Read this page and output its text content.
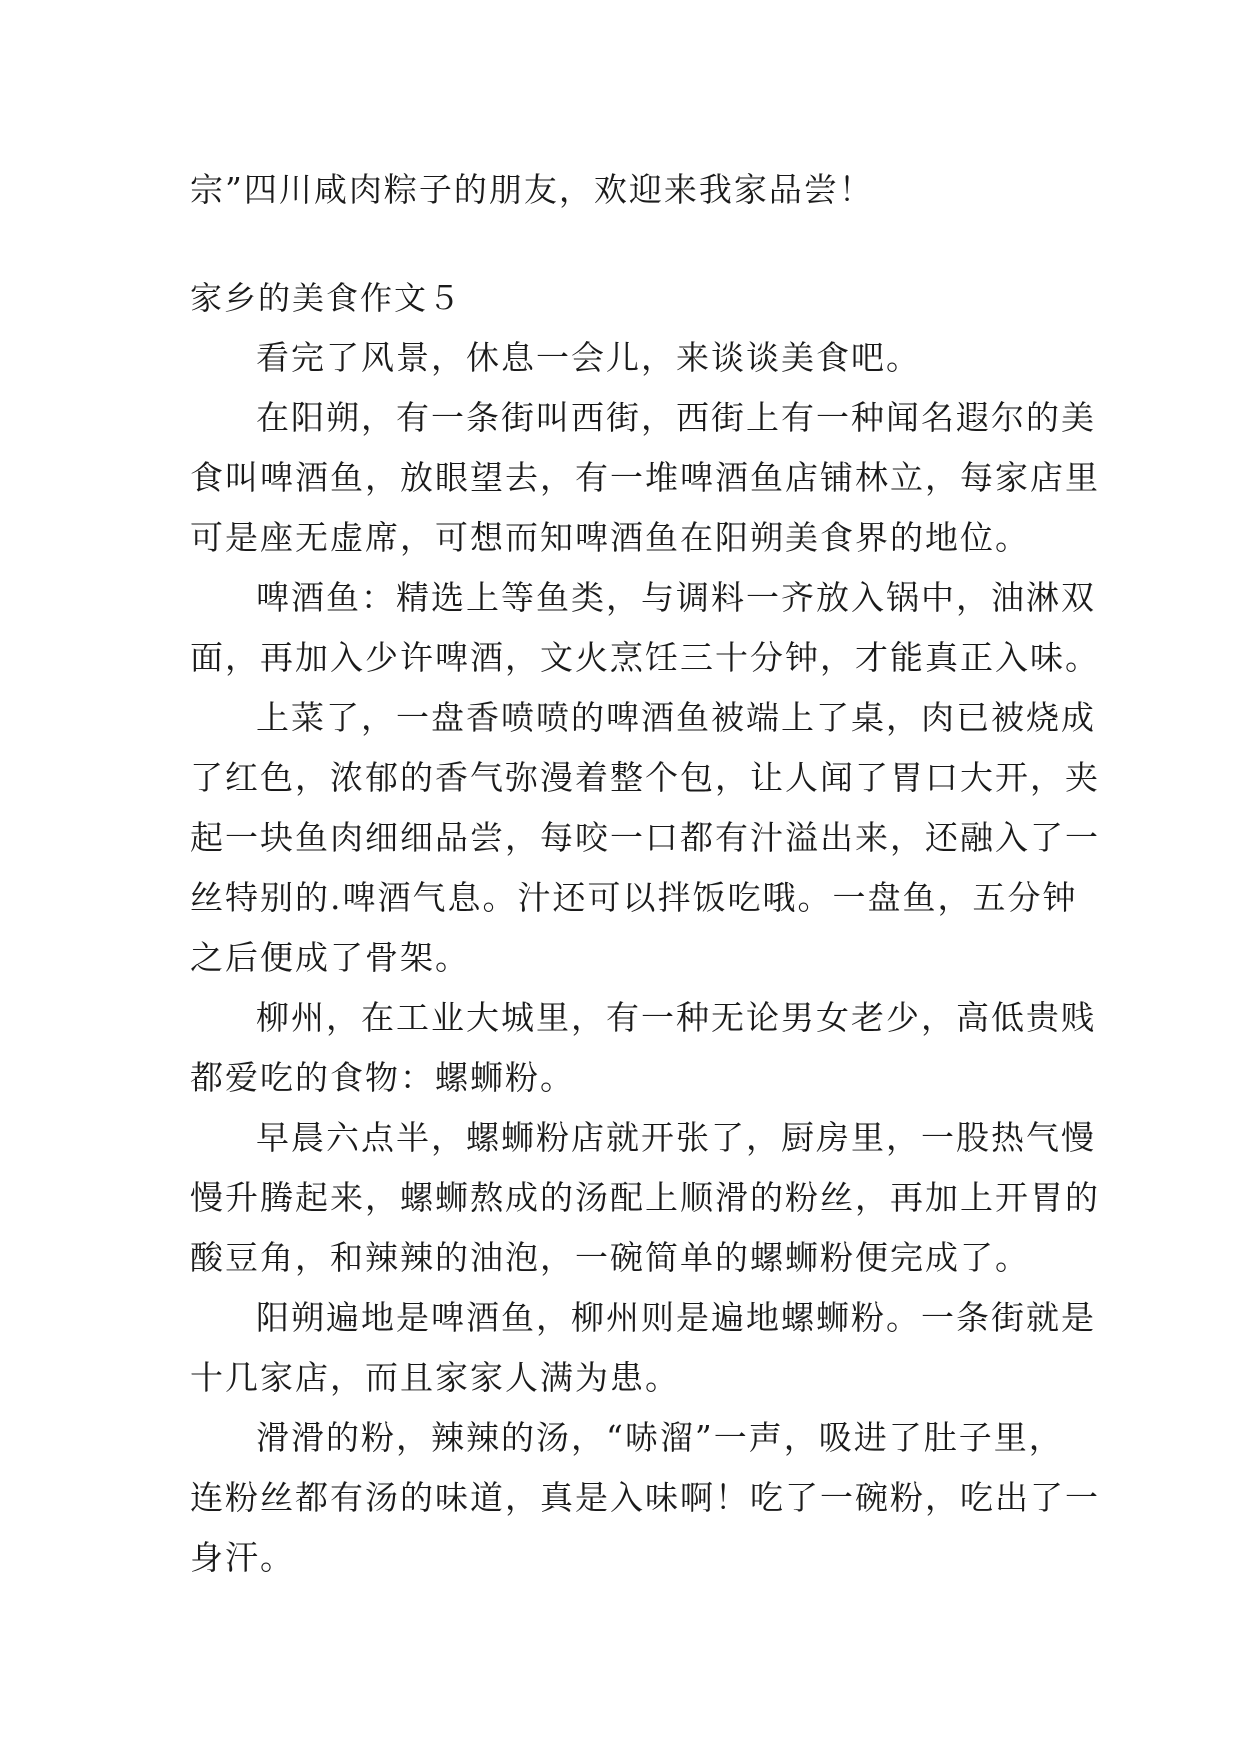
宗”四川咸肉粽子的朋友，欢迎来我家品尝！
家乡的美食作文５
看完了风景，休息一会儿，来谈谈美食吧。
在阳朔，有一条街叫西街，西街上有一种闻名遐尔的美
食叫啤酒鱼，放眼望去，有一堆啤酒鱼店铺林立，每家店里
可是座无虚席，可想而知啤酒鱼在阳朔美食界的地位。
啤酒鱼：精选上等鱼类，与调料一齐放入锅中，油淋双
面，再加入少许啤酒，文火烹饪三十分钟，才能真正入味。
上菜了，一盘香喷喷的啤酒鱼被端上了桌，肉已被烧成
了红色，浓郁的香气弥漫着整个包，让人闻了胃口大开，夹
起一块鱼肉细细品尝，每咬一口都有汁溢出来，还融入了一
丝特别的.啤酒气息。汁还可以拌饭吃哦。一盘鱼，五分钟
之后便成了骨架。
柳州，在工业大城里，有一种无论男女老少，高低贵贱
都爱吃的食物：螺蛳粉。
早晨六点半，螺蛳粉店就开张了，厨房里，一股热气慢
慢升腾起来，螺蛳熬成的汤配上顺滑的粉丝，再加上开胃的
酸豆角，和辣辣的油泡，一碗简单的螺蛳粉便完成了。
阳朔遍地是啤酒鱼，柳州则是遍地螺蛳粉。一条街就是
十几家店，而且家家人满为患。
滑滑的粉，辣辣的汤，“哧溜”一声，吸进了肚子里，
连粉丝都有汤的味道，真是入味啊！吃了一碗粉，吃出了一
身汗。
